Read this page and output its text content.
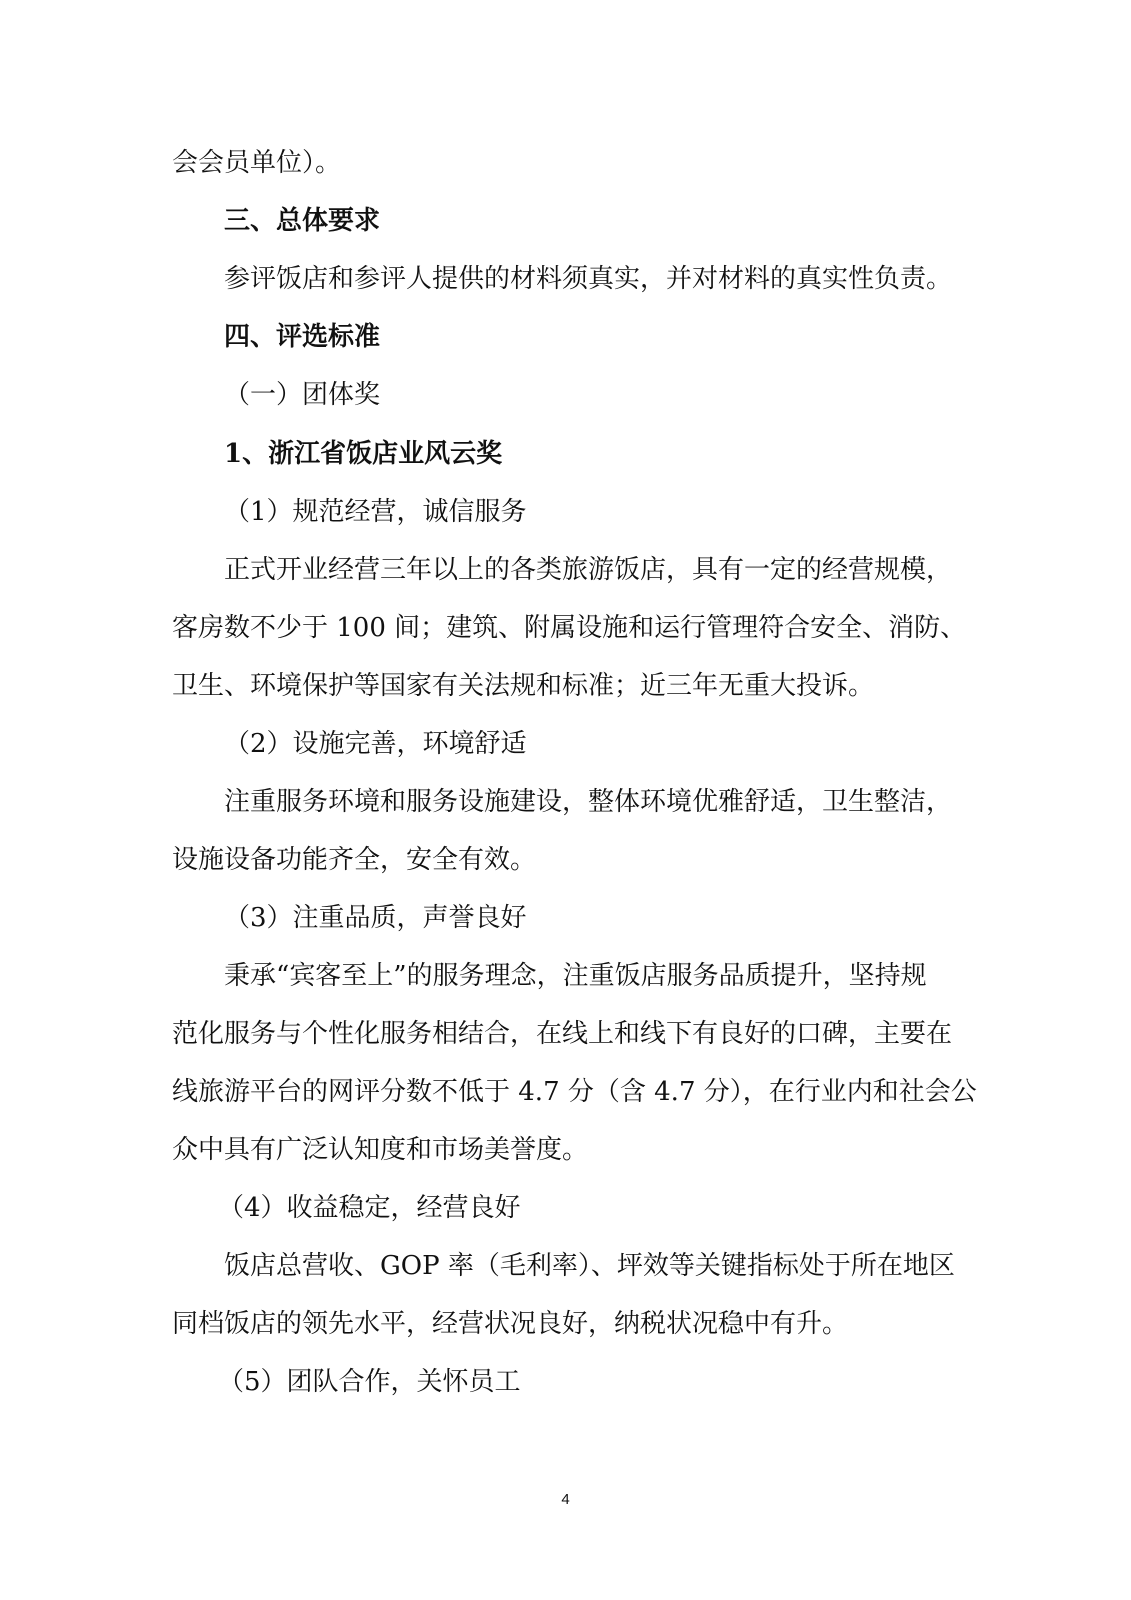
会会员单位）。
三、总体要求
参评饭店和参评人提供的材料须真实，并对材料的真实性负责。
四、评选标准
（一）团体奖
1、浙江省饭店业风云奖
（1）规范经营，诚信服务
正式开业经营三年以上的各类旅游饭店，具有一定的经营规模，
客房数不少于 100 间；建筑、附属设施和运行管理符合安全、消防、
卫生、环境保护等国家有关法规和标准；近三年无重大投诉。
（2）设施完善，环境舒适
注重服务环境和服务设施建设，整体环境优雅舒适，卫生整洁，
设施设备功能齐全，安全有效。
（3）注重品质，声誉良好
秉承“宾客至上”的服务理念，注重饭店服务品质提升，坚持规
范化服务与个性化服务相结合，在线上和线下有良好的口碑，主要在
线旅游平台的网评分数不低于 4.7 分（含 4.7 分），在行业内和社会公
众中具有广泛认知度和市场美誉度。
（4）收益稳定，经营良好
饭店总营收、GOP 率（毛利率）、坪效等关键指标处于所在地区
同档饭店的领先水平，经营状况良好，纳税状况稳中有升。
（5）团队合作，关怀员工
4
